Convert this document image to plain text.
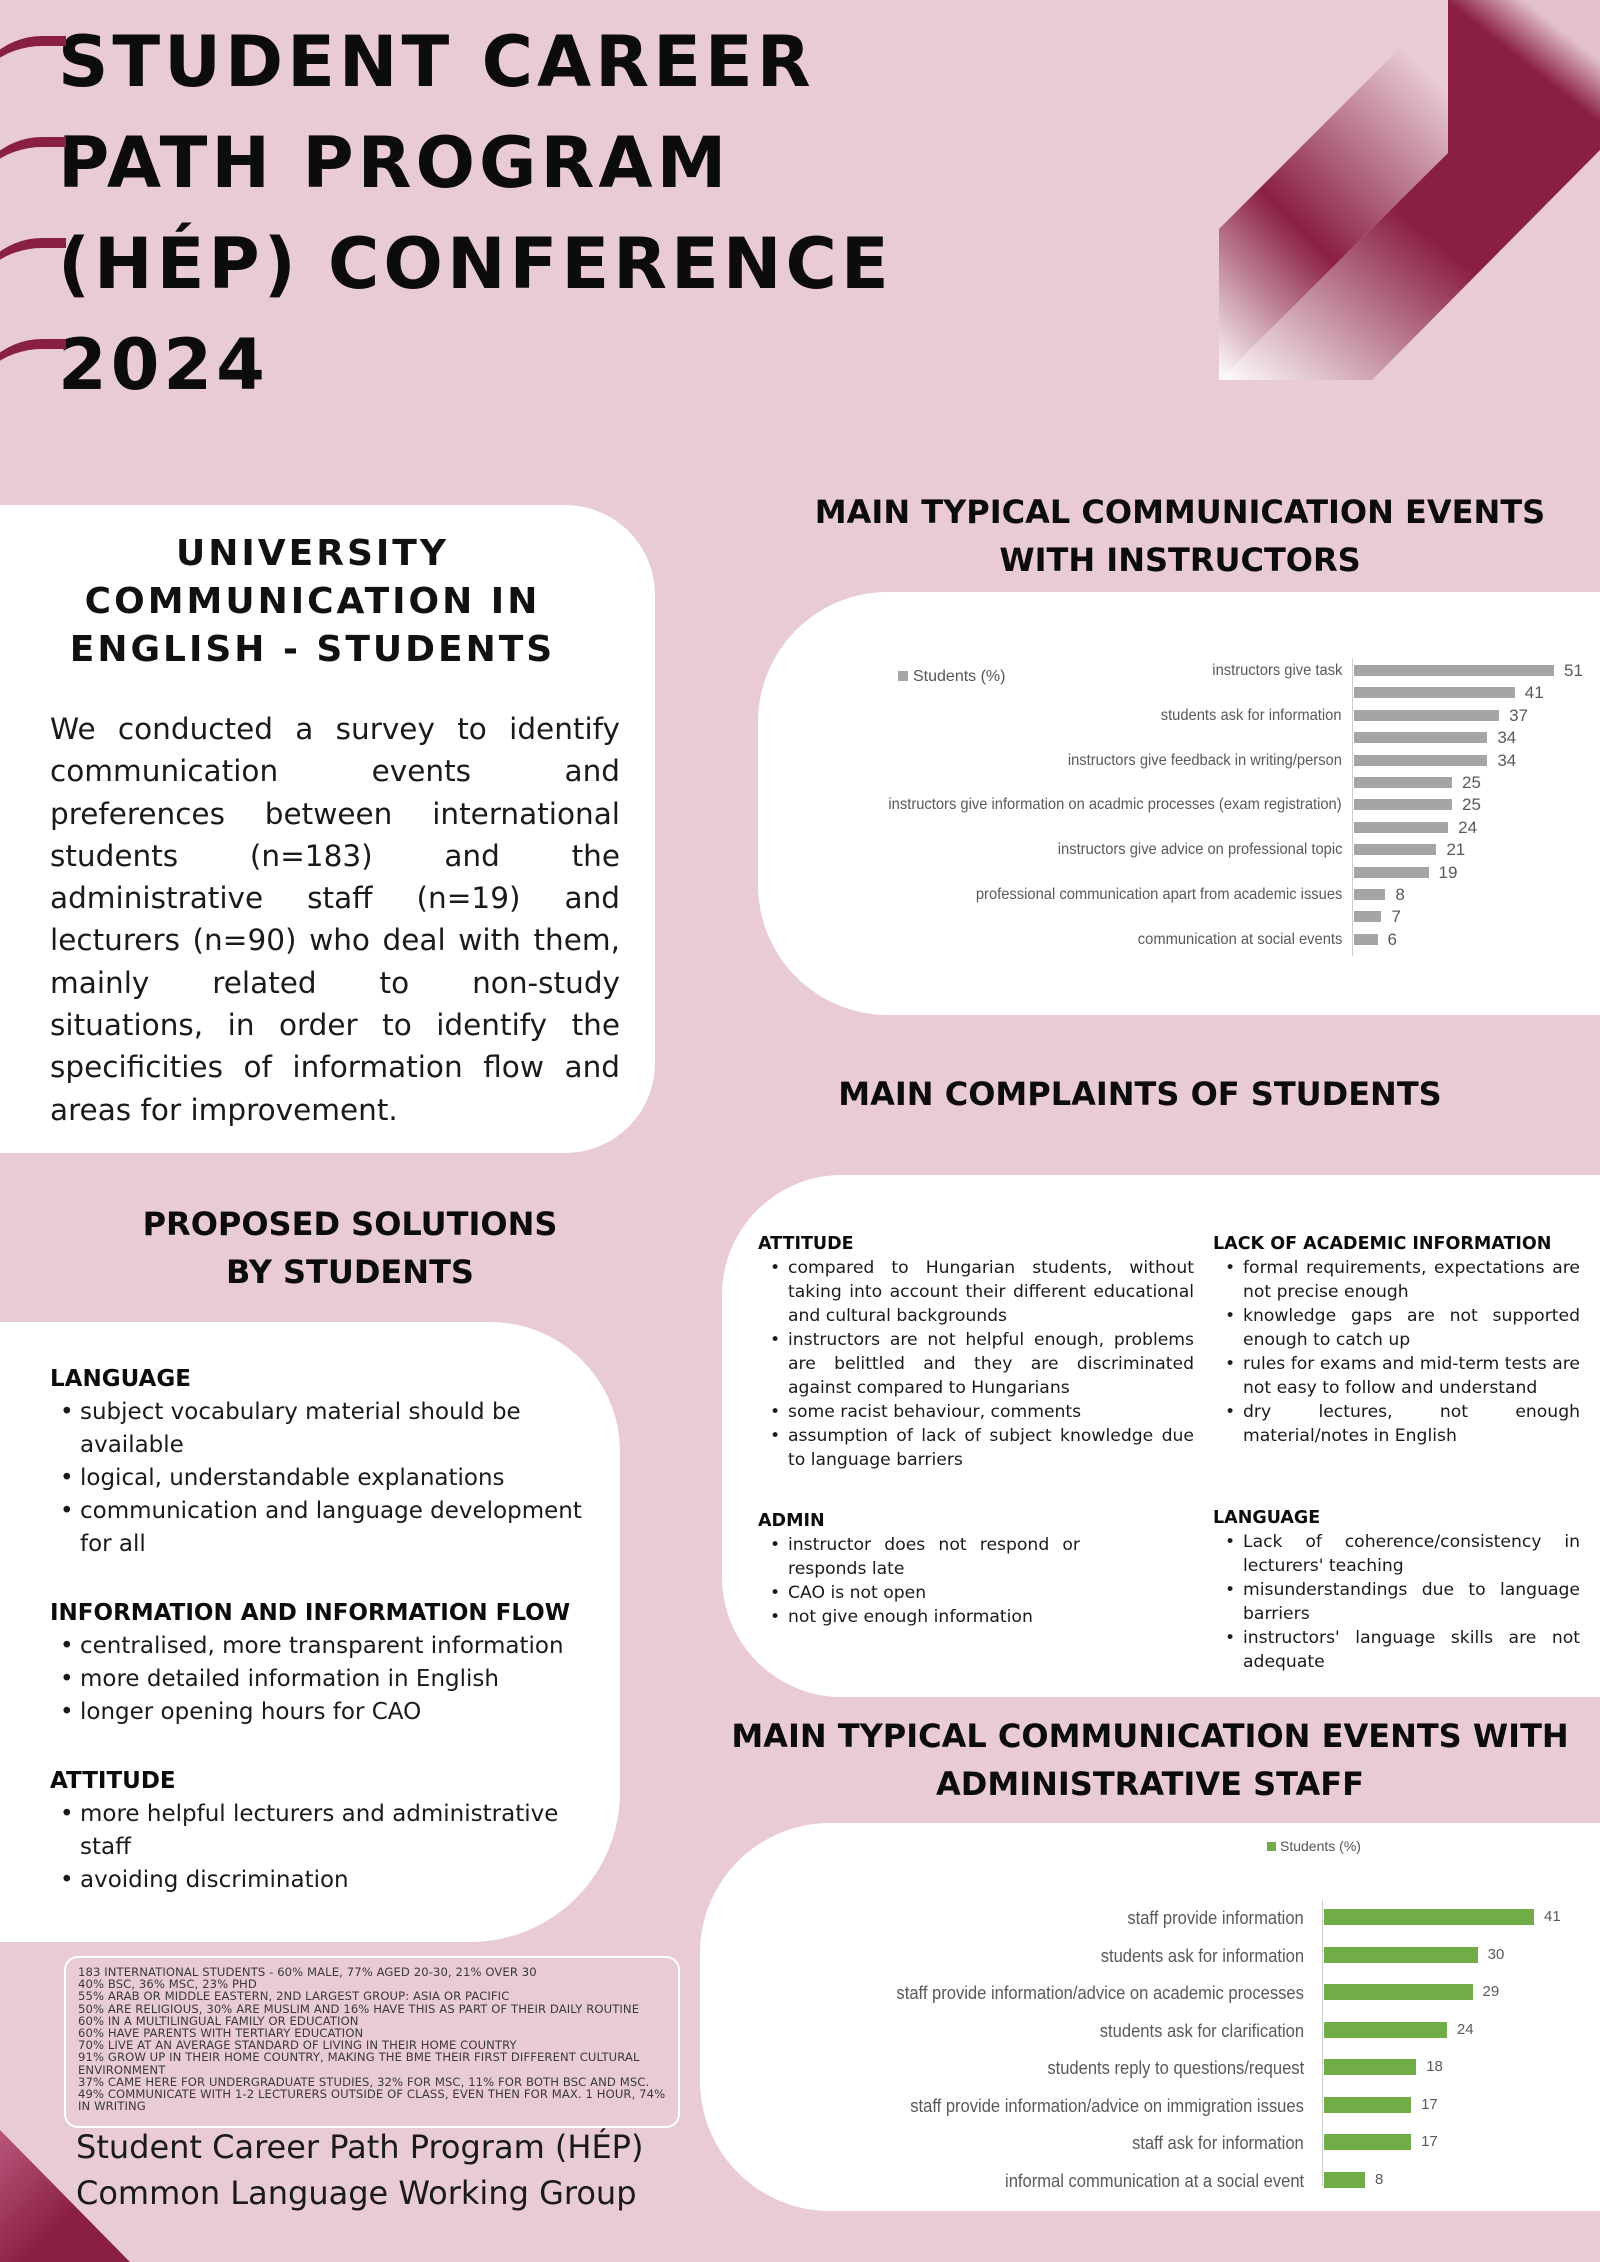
STUDENT CAREER
PATH PROGRAM
(HÉP) CONFERENCE
2024
UNIVERSITY
COMMUNICATION IN
ENGLISH - STUDENTS

We conducted a survey to identify communication events and preferences between international students (n=183) and the administrative staff (n=19) and lecturers (n=90) who deal with them, mainly related to non-study situations, in order to identify the specificities of information flow and areas for improvement.

PROPOSED SOLUTIONS
BY STUDENTS
LANGUAGE
• subject vocabulary material should be available
• logical, understandable explanations
• communication and language development for all
INFORMATION AND INFORMATION FLOW
• centralised, more transparent information
• more detailed information in English
• longer opening hours for CAO
ATTITUDE
• more helpful lecturers and administrative staff
• avoiding discrimination

183 INTERNATIONAL STUDENTS - 60% MALE, 77% AGED 20-30, 21% OVER 30

40% BSC, 36% MSC, 23% PHD

55% ARAB OR MIDDLE EASTERN, 2ND LARGEST GROUP: ASIA OR PACIFIC

50% ARE RELIGIOUS, 30% ARE MUSLIM AND 16% HAVE THIS AS PART OF THEIR DAILY ROUTINE

60% IN A MULTILINGUAL FAMILY OR EDUCATION

60% HAVE PARENTS WITH TERTIARY EDUCATION

70% LIVE AT AN AVERAGE STANDARD OF LIVING IN THEIR HOME COUNTRY

91% GROW UP IN THEIR HOME COUNTRY, MAKING THE BME THEIR FIRST DIFFERENT CULTURAL ENVIRONMENT

37% CAME HERE FOR UNDERGRADUATE STUDIES, 32% FOR MSC, 11% FOR BOTH BSC AND MSC.

49% COMMUNICATE WITH 1-2 LECTURERS OUTSIDE OF CLASS, EVEN THEN FOR MAX. 1 HOUR, 74% IN WRITING

Student Career Path Program (HÉP)
Common Language Working Group
MAIN TYPICAL COMMUNICATION EVENTS
WITH INSTRUCTORS
Students (%)	instructors give task	51
41
students ask for information	37
34
instructors give feedback in writing/person	34
25
instructors give information on acadmic processes (exam registration)	25
24
instructors give advice on professional topic	21
19
professional communication apart from academic issues	8
7
communication at social events	6
MAIN COMPLAINTS OF STUDENTS
ATTITUDE
• compared to Hungarian students, without taking into account their different educational and cultural backgrounds
• instructors are not helpful enough, problems are belittled and they are discriminated against compared to Hungarians
• some racist behaviour, comments
• assumption of lack of subject knowledge due to language barriers
LACK OF ACADEMIC INFORMATION
• formal requirements, expectations are not precise enough
• knowledge gaps are not supported enough to catch up
• rules for exams and mid-term tests are not easy to follow and understand
• dry lectures, not enough material/notes in English
ADMIN
• instructor does not respond or responds late
• CAO is not open
• not give enough information
LANGUAGE
• Lack of coherence/consistency in lecturers' teaching
• misunderstandings due to language barriers
• instructors' language skills are not adequate
MAIN TYPICAL COMMUNICATION EVENTS WITH
ADMINISTRATIVE STAFF
Students (%)
staff provide information	41
students ask for information	30
staff provide information/advice on academic processes	29
students ask for clarification	24
students reply to questions/request	18
staff provide information/advice on immigration issues	17
staff ask for information	17
informal communication at a social event	8
